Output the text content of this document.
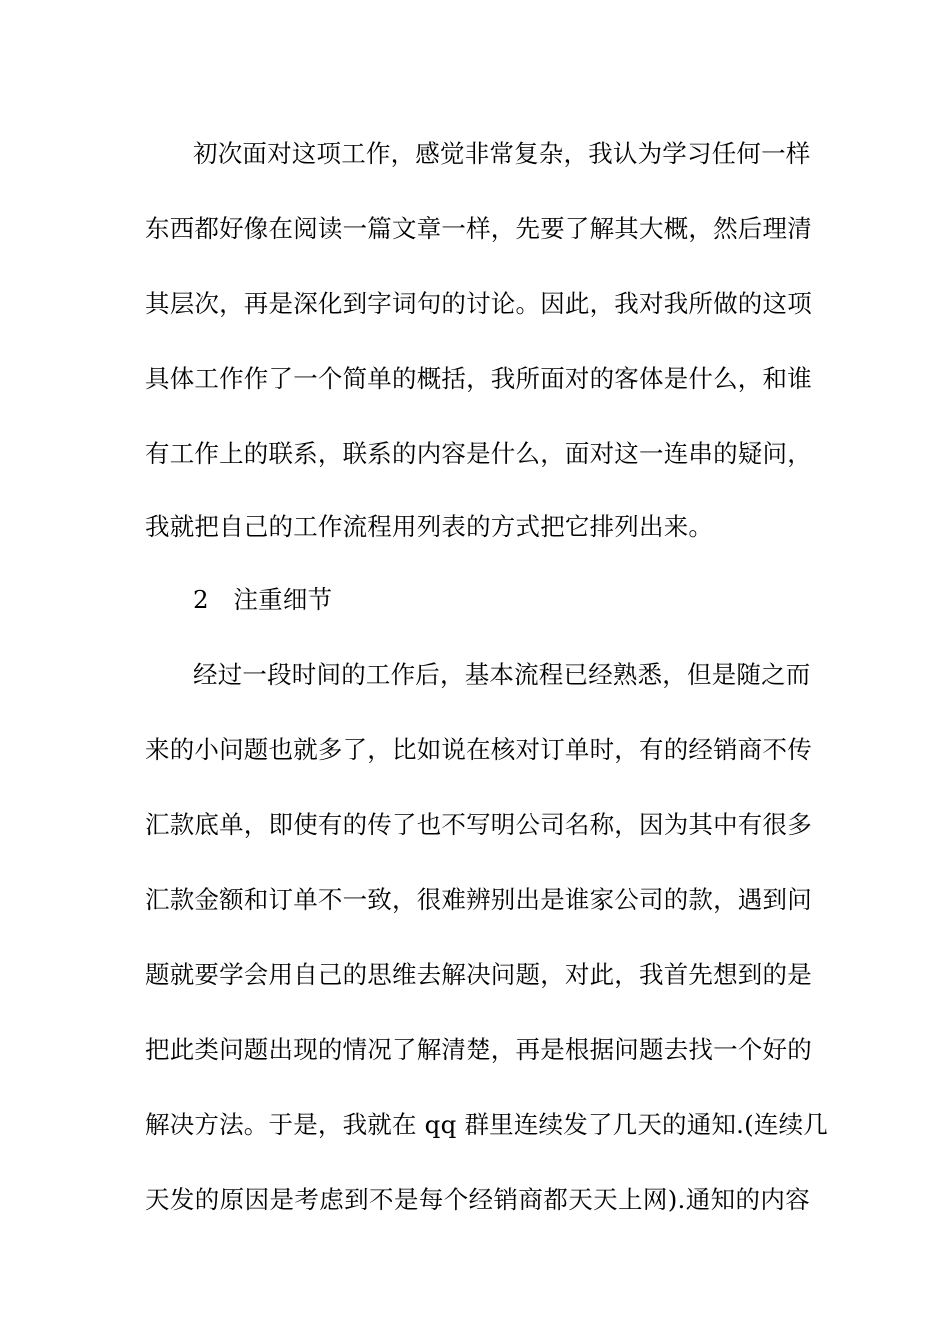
初次面对这项工作，感觉非常复杂，我认为学习任何一样
东西都好像在阅读一篇文章一样，先要了解其大概，然后理清
其层次，再是深化到字词句的讨论。因此，我对我所做的这项
具体工作作了一个简单的概括，我所面对的客体是什么，和谁
有工作上的联系，联系的内容是什么，面对这一连串的疑问，
我就把自己的工作流程用列表的方式把它排列出来。
2　注重细节
经过一段时间的工作后，基本流程已经熟悉，但是随之而
来的小问题也就多了，比如说在核对订单时，有的经销商不传
汇款底单，即使有的传了也不写明公司名称，因为其中有很多
汇款金额和订单不一致，很难辨别出是谁家公司的款，遇到问
题就要学会用自己的思维去解决问题，对此，我首先想到的是
把此类问题出现的情况了解清楚，再是根据问题去找一个好的
解决方法。于是，我就在 qq 群里连续发了几天的通知.(连续几
天发的原因是考虑到不是每个经销商都天天上网).通知的内容
